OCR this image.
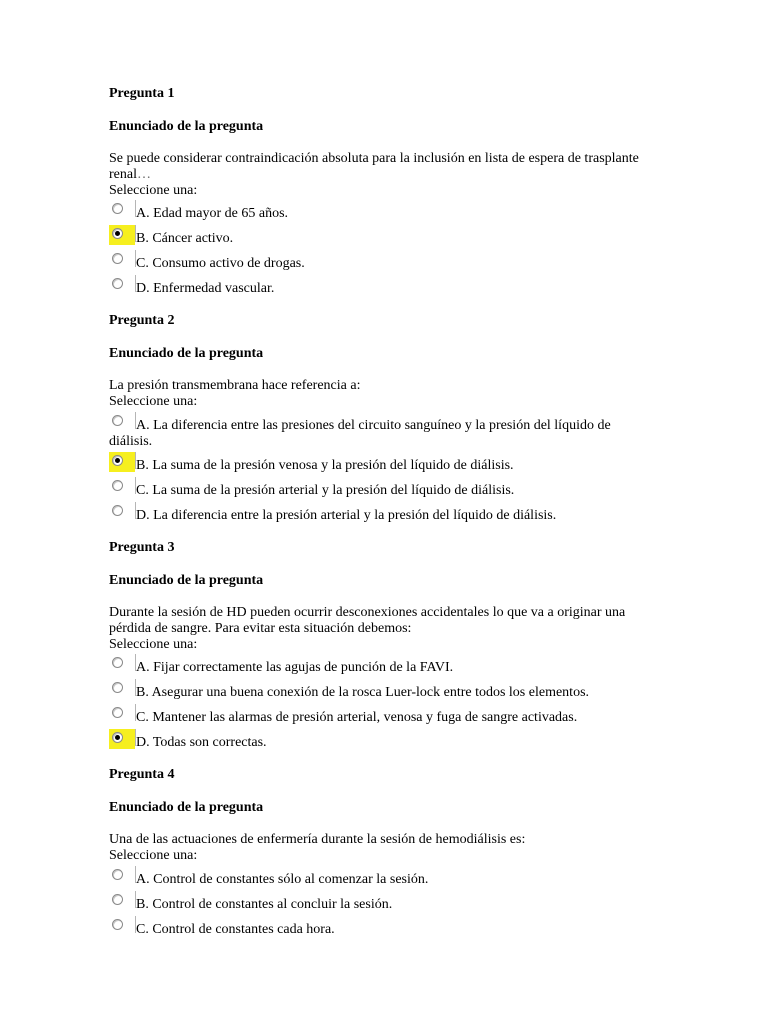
Pregunta 1
Enunciado de la pregunta
Se puede considerar contraindicación absoluta para la inclusión en lista de espera de trasplante
renal…
Seleccione una:
A. Edad mayor de 65 años.
B. Cáncer activo.
C. Consumo activo de drogas.
D. Enfermedad vascular.
Pregunta 2
Enunciado de la pregunta
La presión transmembrana hace referencia a:
Seleccione una:
A. La diferencia entre las presiones del circuito sanguíneo y la presión del líquido de
diálisis.
B. La suma de la presión venosa y la presión del líquido de diálisis.
C. La suma de la presión arterial y la presión del líquido de diálisis.
D. La diferencia entre la presión arterial y la presión del líquido de diálisis.
Pregunta 3
Enunciado de la pregunta
Durante la sesión de HD pueden ocurrir desconexiones accidentales lo que va a originar una
pérdida de sangre. Para evitar esta situación debemos:
Seleccione una:
A. Fijar correctamente las agujas de punción de la FAVI.
B. Asegurar una buena conexión de la rosca Luer-lock entre todos los elementos.
C. Mantener las alarmas de presión arterial, venosa y fuga de sangre activadas.
D. Todas son correctas.
Pregunta 4
Enunciado de la pregunta
Una de las actuaciones de enfermería durante la sesión de hemodiálisis es:
Seleccione una:
A. Control de constantes sólo al comenzar la sesión.
B. Control de constantes al concluir la sesión.
C. Control de constantes cada hora.
